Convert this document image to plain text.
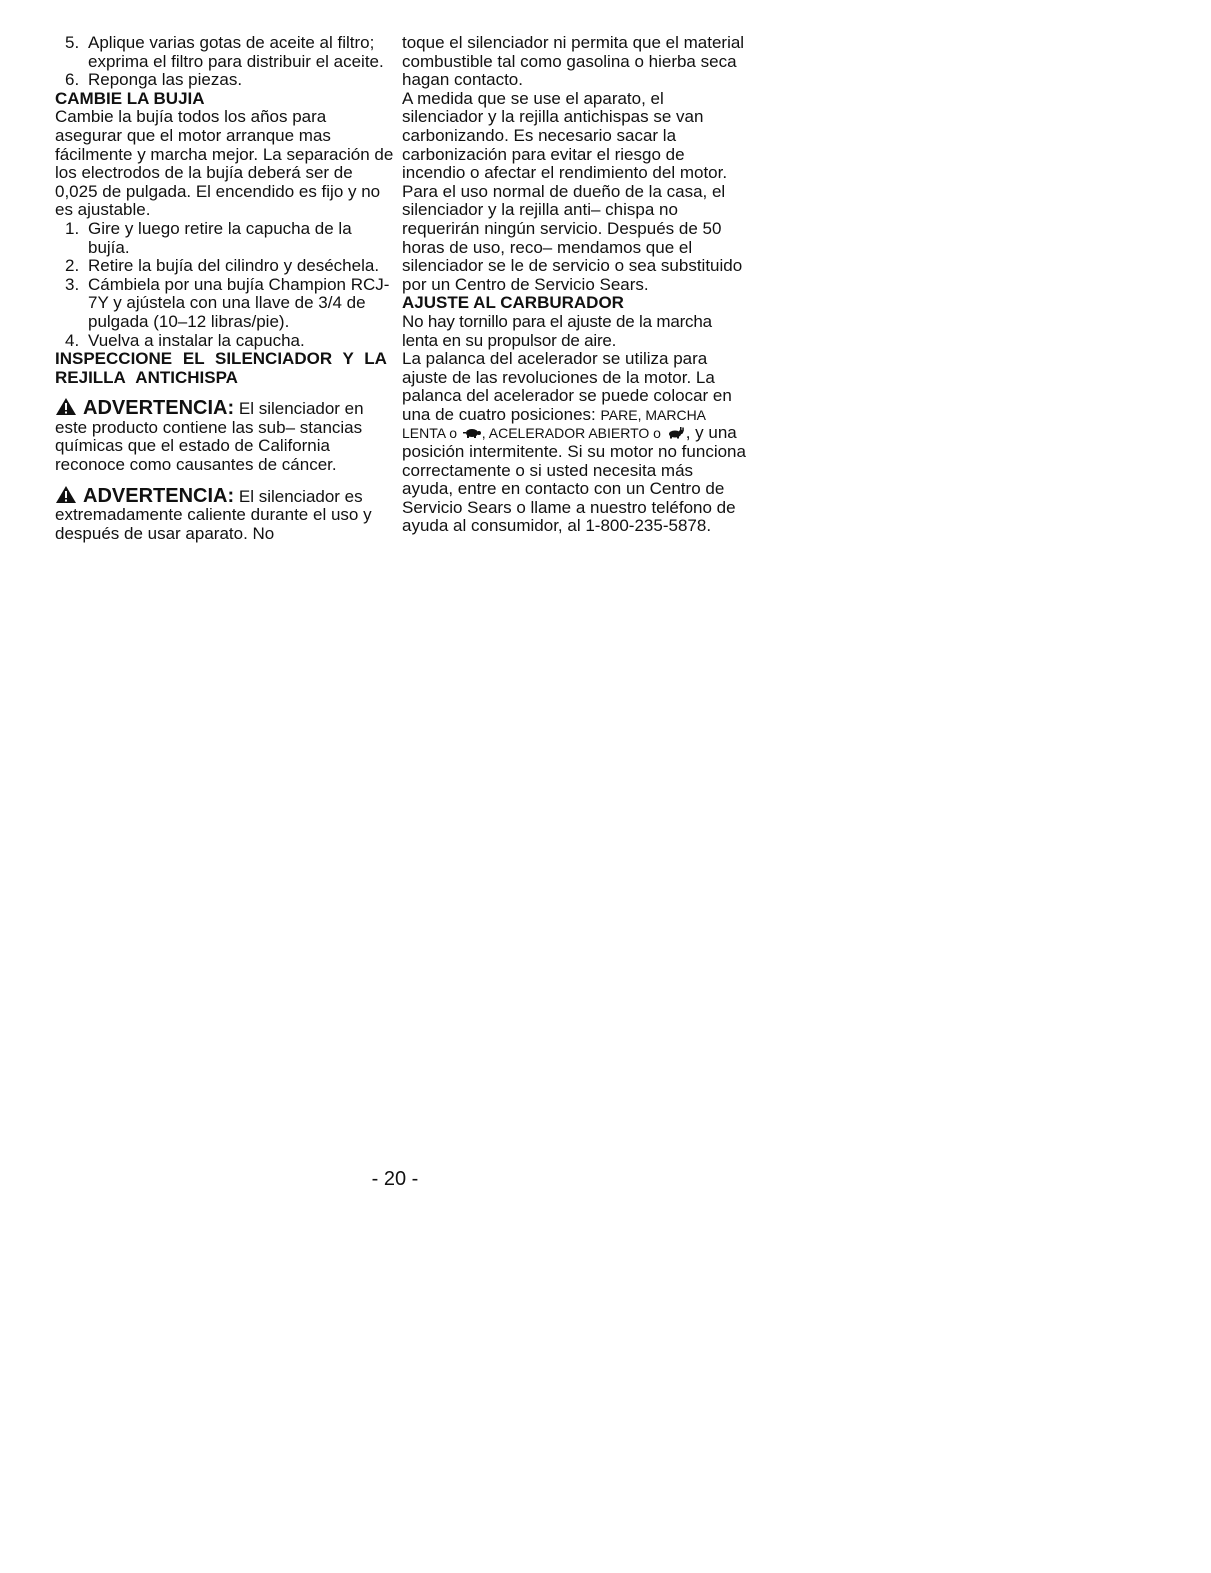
5. Aplique varias gotas de aceite al filtro; exprima el filtro para distribuir el aceite.
6. Reponga las piezas.
CAMBIE LA BUJIA

Cambie la bujía todos los años para asegurar que el motor arranque mas fácilmente y marcha mejor. La separación de los electrodos de la bujía deberá ser de 0,025 de pulgada. El encendido es fijo y no es ajustable.

1. Gire y luego retire la capucha de la bujía.
2. Retire la bujía del cilindro y deséchela.
3. Cámbiela por una bujía Champion RCJ-7Y y ajústela con una llave de 3/4 de pulgada (10–12 libras/pie).
4. Vuelva a instalar la capucha.
INSPECCIONE EL SILENCIADOR Y LA REJILLA ANTICHISPA

ADVERTENCIA: El silenciador en este producto contiene las sub– stancias químicas que el estado de California reconoce como causantes de cáncer.

ADVERTENCIA: El silenciador es extremadamente caliente durante el uso y después de usar aparato. No

toque el silenciador ni permita que el material combustible tal como gasolina o hierba seca hagan contacto.

A medida que se use el aparato, el silenciador y la rejilla antichispas se van carbonizando. Es necesario sacar la carbonización para evitar el riesgo de incendio o afectar el rendimiento del motor.

Para el uso normal de dueño de la casa, el silenciador y la rejilla anti– chispa no requerirán ningún servicio. Después de 50 horas de uso, reco– mendamos que el silenciador se le de servicio o sea substituido por un Centro de Servicio Sears.

AJUSTE AL CARBURADOR

No hay tornillo para el ajuste de la marcha lenta en su propulsor de aire.

La palanca del acelerador se utiliza para ajuste de las revoluciones de la motor. La palanca del acelerador se puede colocar en una de cuatro posiciones: PARE, MARCHA LENTA o , ACELERADOR ABIERTO o , y una posición intermitente. Si su motor no funciona correctamente o si usted necesita más ayuda, entre en contacto con un Centro de Servicio Sears o llame a nuestro teléfono de ayuda al consumidor, al 1-800-235-5878.

- 20 -
